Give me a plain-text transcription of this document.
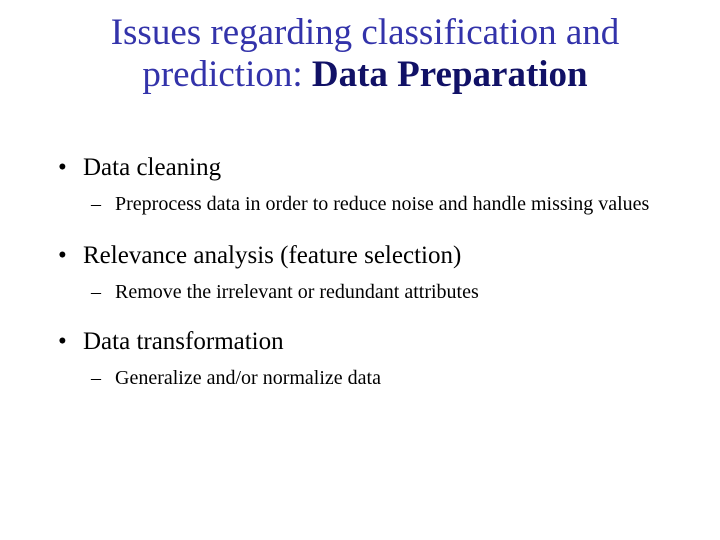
Issues regarding classification and
prediction: Data Preparation
• Data cleaning
– Preprocess data in order to reduce noise and handle missing values
• Relevance analysis (feature selection)
– Remove the irrelevant or redundant attributes
• Data transformation
– Generalize and/or normalize data
